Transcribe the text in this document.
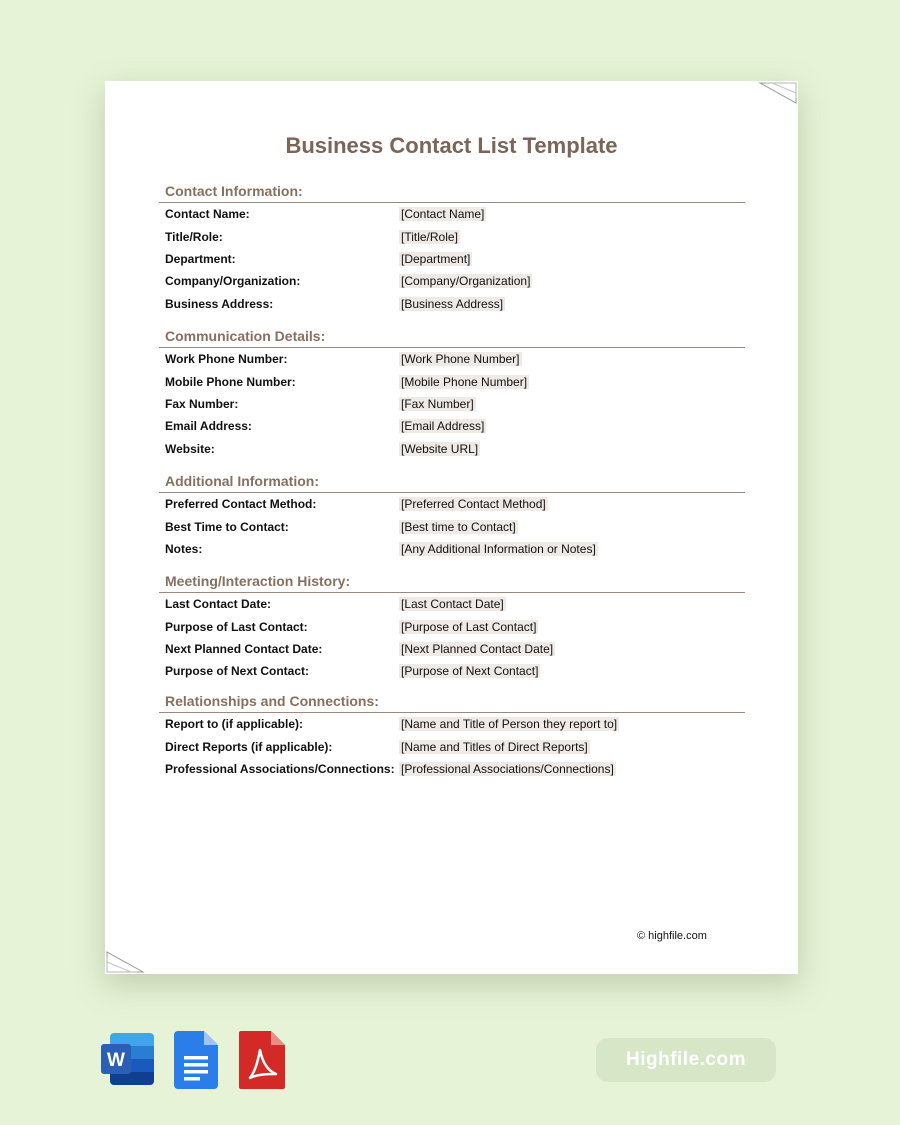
Business Contact List Template
Contact Information:
Contact Name:	[Contact Name]
Title/Role:	[Title/Role]
Department:	[Department]
Company/Organization:	[Company/Organization]
Business Address:	[Business Address]
Communication Details:
Work Phone Number:	[Work Phone Number]
Mobile Phone Number:	[Mobile Phone Number]
Fax Number:	[Fax Number]
Email Address:	[Email Address]
Website:	[Website URL]
Additional Information:
Preferred Contact Method:	[Preferred Contact Method]
Best Time to Contact:	[Best time to Contact]
Notes:	[Any Additional Information or Notes]
Meeting/Interaction History:
Last Contact Date:	[Last Contact Date]
Purpose of Last Contact:	[Purpose of Last Contact]
Next Planned Contact Date:	[Next Planned Contact Date]
Purpose of Next Contact:	[Purpose of Next Contact]
Relationships and Connections:
Report to (if applicable):	[Name and Title of Person they report to]
Direct Reports (if applicable):	[Name and Titles of Direct Reports]
Professional Associations/Connections: [Professional Associations/Connections]
© highfile.com
W	Highfile.com
